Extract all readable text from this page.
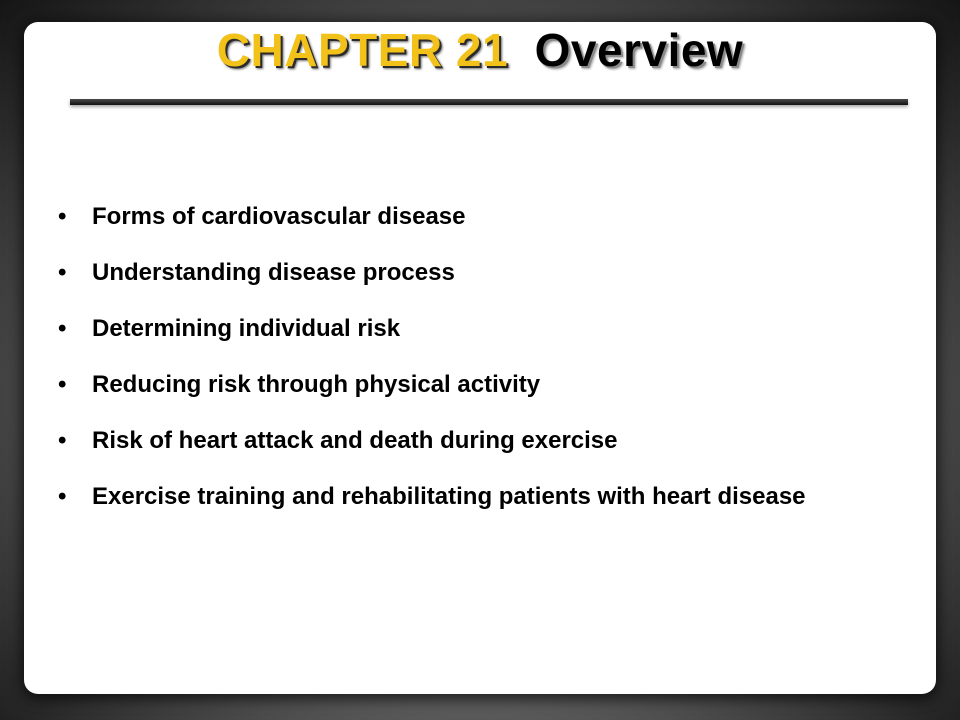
CHAPTER 21 Overview
• Forms of cardiovascular disease
• Understanding disease process
• Determining individual risk
• Reducing risk through physical activity
• Risk of heart attack and death during exercise
• Exercise training and rehabilitating patients with heart disease
